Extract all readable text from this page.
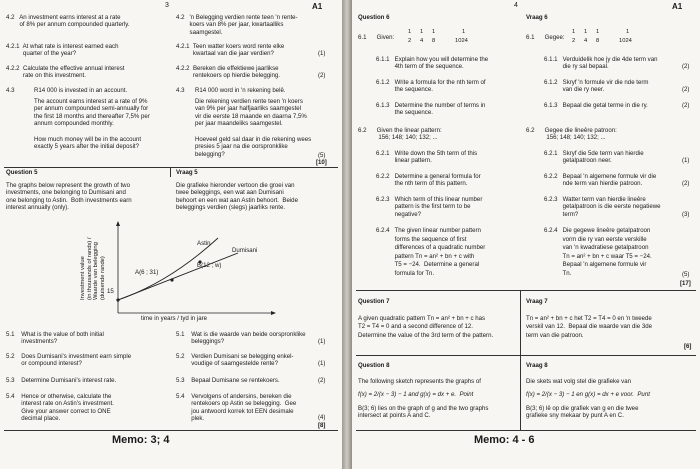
3	A1
4.2   An investment earns interest at a rate
of 8% per annum compounded quarterly.
4.2   'n Belegging verdien rente teen 'n rente-
koers van 8% per jaar, kwartaalliks
saamgestel.
4.2.1  At what rate is interest earned each
quarter of the year?
4.2.1  Teen watter koers word rente elke
kwartaal van die jaar verdien?	(1)
4.2.2  Calculate the effective annual interest
rate on this investment.
4.2.2  Bereken die effektiewe jaarlikse
rentekoers op hierdie belegging.	(2)
4.3	R14 000 is invested in an account.	4.3 R14 000 word in 'n rekening belê.
The account earns interest at a rate of 9%
per annum compounded semi-annually for
the first 18 months and thereafter 7,5% per
annum compounded monthly.
Die rekening verdien rente teen 'n koers
van 9% per jaar halfjaarliks saamgestel
vir die eerste 18 maande en daarna 7,5%
per jaar maandeliks saamgestel.
How much money will be in the account
exactly 5 years after the initial deposit?
Hoeveel geld sal daar in die rekening wees
presies 5 jaar na die oorspronklike
belegging?	(5)
[10]
Question 5	Vraag 5
The graphs below represent the growth of two
investments, one belonging to Dumisani and
one belonging to Astin.  Both investments earn
interest annually (only).
Die grafieke hieronder vertoon die groei van
twee beleggings, een wat aan Dumisani
behoort en een wat aan Astin behoort.  Beide
beleggings verdien (slegs) jaarliks rente.
Investment value
(in thousands of rands) /
Waarde van belegging
(duisende rande)
Astin
Dumisani
A(6 ; 31)
B(12 ; w)
15
time in years / tyd in jare
5.1    What is the value of both initial
investments?
5.1    Wat is die waarde van beide oorspronklike
beleggings?	(1)
5.2    Does Dumisani's investment earn simple
or compound interest?
5.2    Verdien Dumisani se belegging enkel-
voudige of saamgestelde rente?	(1)
5.3    Determine Dumisani's interest rate.	5.3    Bepaal Dumisane se rentekoers.	(2)
5.4    Hence or otherwise, calculate the
interest rate on Astin's investment.
Give your answer correct to ONE
decimal place.
5.4    Vervolgens of andersins, bereken die
rentekoers op Astin se belegging.  Gee
jou antwoord korrek tot EEN desimale
plek.	(4)
[8]
Memo: 3; 4
4	A1
Question 6	Vraag 6
6.1      Given:	6.1      Gegee:
1
2
1
4
1
8
1
1024
1
2
1
4
1
8
1
1024
6.1.1   Explain how you will determine the
4th term of the sequence.
6.1.1   Verduidelik hoe jy die 4de term van
die ry sal bepaal.	(2)
6.1.2   Write a formula for the nth term of
the sequence.
6.1.2   Skryf 'n formule vir die nde term
van die ry neer.	(2)
6.1.3   Determine the number of terms in
the sequence.
6.1.3   Bepaal die getal terme in die ry.	(2)
6.2      Given the linear pattern:
156; 148; 140; 132; ...
6.2      Gegee die lineêre patroon:
156; 148; 140; 132; ...
6.2.1   Write down the 5th term of this
linear pattern.
6.2.1   Skryf die 5de term van hierdie
getalpatroon neer.	(1)
6.2.2   Determine a general formula for
the nth term of this pattern.
6.2.2   Bepaal 'n algemene formule vir die
nde term van hierdie patroon.	(2)
6.2.3   Which term of this linear number
pattern is the first term to be
negative?
6.2.3   Watter term van hierdie lineêre
getalpatroon is die eerste negatiewe
term?	(3)
6.2.4   The given linear number pattern
forms the sequence of first
differences of a quadratic number
pattern Tn = an² + bn + c with
T5 = −24.  Determine a general
formula for Tn.
6.2.4   Die gegewe lineêre getalpatroon
vorm die ry van eerste verskille
van 'n kwadratiese getalpatroon
Tn = an² + bn + c waar T5 = −24.
Bepaal 'n algemene formule vir
Tn.	(5)
[17]
Question 7	Vraag 7
A given quadratic pattern Tn = an² + bn + c has
T2 = T4 = 0 and a second difference of 12.
Determine the value of the 3rd term of the pattern.
Tn = an² + bn + c het T2 = T4 = 0 en 'n tweede
verskil van 12.  Bepaal die waarde van die 3de
term van die patroon.
[6]
Question 8	Vraag 8
The following sketch represents the graphs of	Die skets wat volg stel die grafieke van
f(x) = 2/(x − 3) − 1 and g(x) = dx + e.  Point	f(x) = 2/(x − 3) − 1 en g(x) = dx + e voor.  Punt
B(3; 6) lies on the graph of g and the two graphs
intersect at points A and C.
B(3; 6) lê op die grafiek van g en die twee
grafieke sny mekaar by punt A en C.
Memo: 4 - 6
